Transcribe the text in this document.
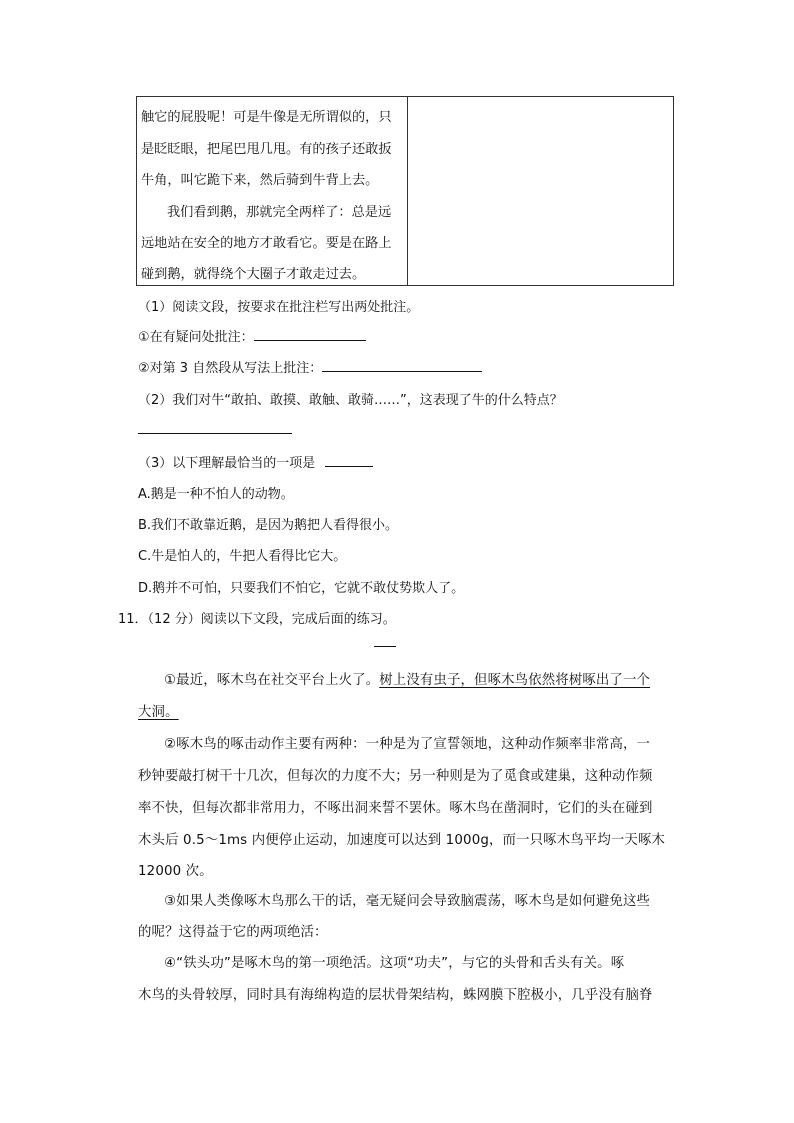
触它的屁股呢！可是牛像是无所谓似的，只
是眨眨眼，把尾巴甩几甩。有的孩子还敢扳
牛角，叫它跪下来，然后骑到牛背上去。
我们看到鹅，那就完全两样了：总是远
远地站在安全的地方才敢看它。要是在路上
碰到鹅，就得绕个大圈子才敢走过去。
（1）阅读文段，按要求在批注栏写出两处批注。
①在有疑问处批注：
②对第 3 自然段从写法上批注：
（2）我们对牛“敢拍、敢摸、敢触、敢骑……”，这表现了牛的什么特点？
（3）以下理解最恰当的一项是
A.鹅是一种不怕人的动物。
B.我们不敢靠近鹅，是因为鹅把人看得很小。
C.牛是怕人的，牛把人看得比它大。
D.鹅并不可怕，只要我们不怕它，它就不敢仗势欺人了。
11．（12 分）阅读以下文段，完成后面的练习。
①最近，啄木鸟在社交平台上火了。树上没有虫子，但啄木鸟依然将树啄出了一个
大洞。
②啄木鸟的啄击动作主要有两种：一种是为了宣誓领地，这种动作频率非常高，一
秒钟要敲打树干十几次，但每次的力度不大；另一种则是为了觅食或建巢，这种动作频
率不快，但每次都非常用力，不啄出洞来誓不罢休。啄木鸟在凿洞时，它们的头在碰到
木头后 0.5～1ms 内便停止运动，加速度可以达到 1000g，而一只啄木鸟平均一天啄木
12000 次。
③如果人类像啄木鸟那么干的话，毫无疑问会导致脑震荡，啄木鸟是如何避免这些
的呢？这得益于它的两项绝活：
④“铁头功”是啄木鸟的第一项绝活。这项“功夫”，与它的头骨和舌头有关。啄
木鸟的头骨较厚，同时具有海绵构造的层状骨架结构，蛛网膜下腔极小，几乎没有脑脊
